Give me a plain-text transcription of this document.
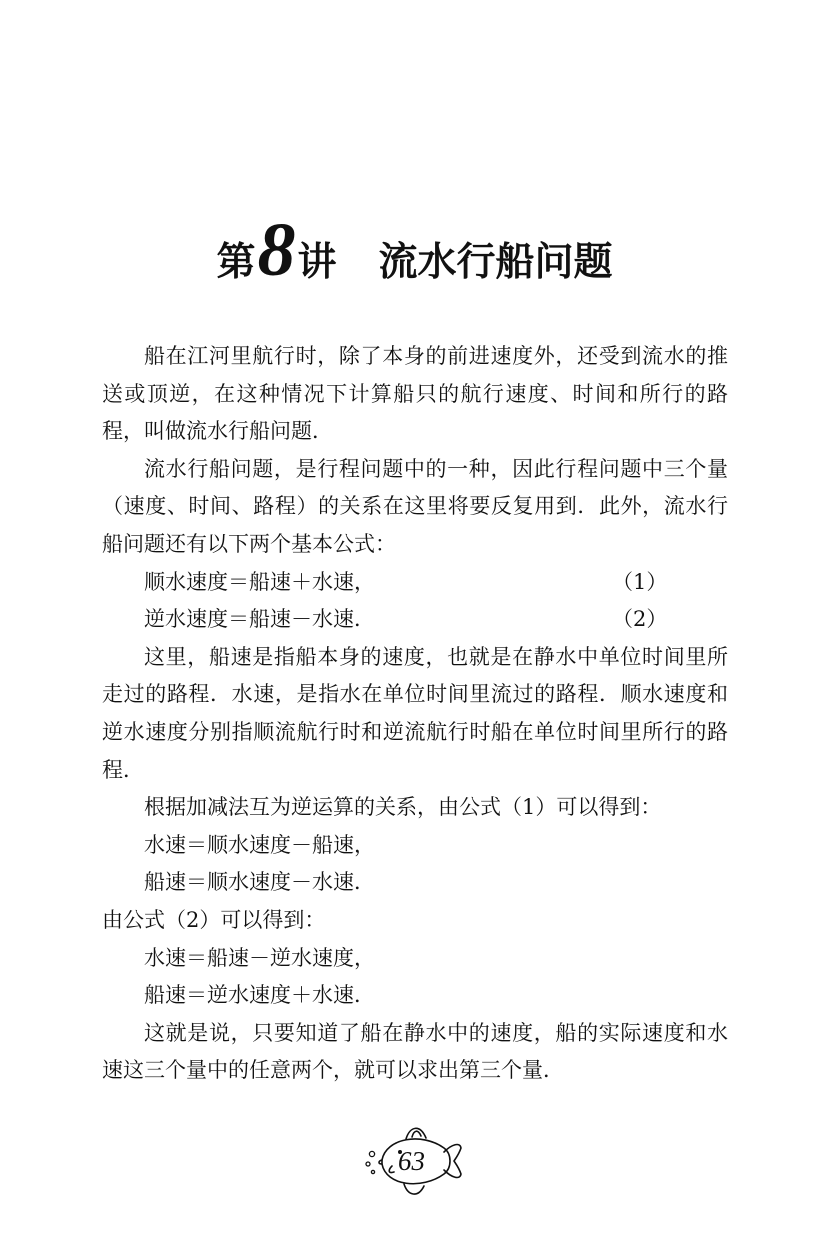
第8讲 流水行船问题

船在江河里航行时，除了本身的前进速度外，还受到流水的推送或顶逆，在这种情况下计算船只的航行速度、时间和所行的路程，叫做流水行船问题．

流水行船问题，是行程问题中的一种，因此行程问题中三个量（速度、时间、路程）的关系在这里将要反复用到．此外，流水行船问题还有以下两个基本公式：

顺水速度＝船速＋水速，	（1）

逆水速度＝船速－水速．	（2）

这里，船速是指船本身的速度，也就是在静水中单位时间里所走过的路程．水速，是指水在单位时间里流过的路程．顺水速度和逆水速度分别指顺流航行时和逆流航行时船在单位时间里所行的路程．

根据加减法互为逆运算的关系，由公式（1）可以得到：

水速＝顺水速度－船速，

船速＝顺水速度－水速．

由公式（2）可以得到：

水速＝船速－逆水速度，

船速＝逆水速度＋水速．

这就是说，只要知道了船在静水中的速度，船的实际速度和水速这三个量中的任意两个，就可以求出第三个量．

63
